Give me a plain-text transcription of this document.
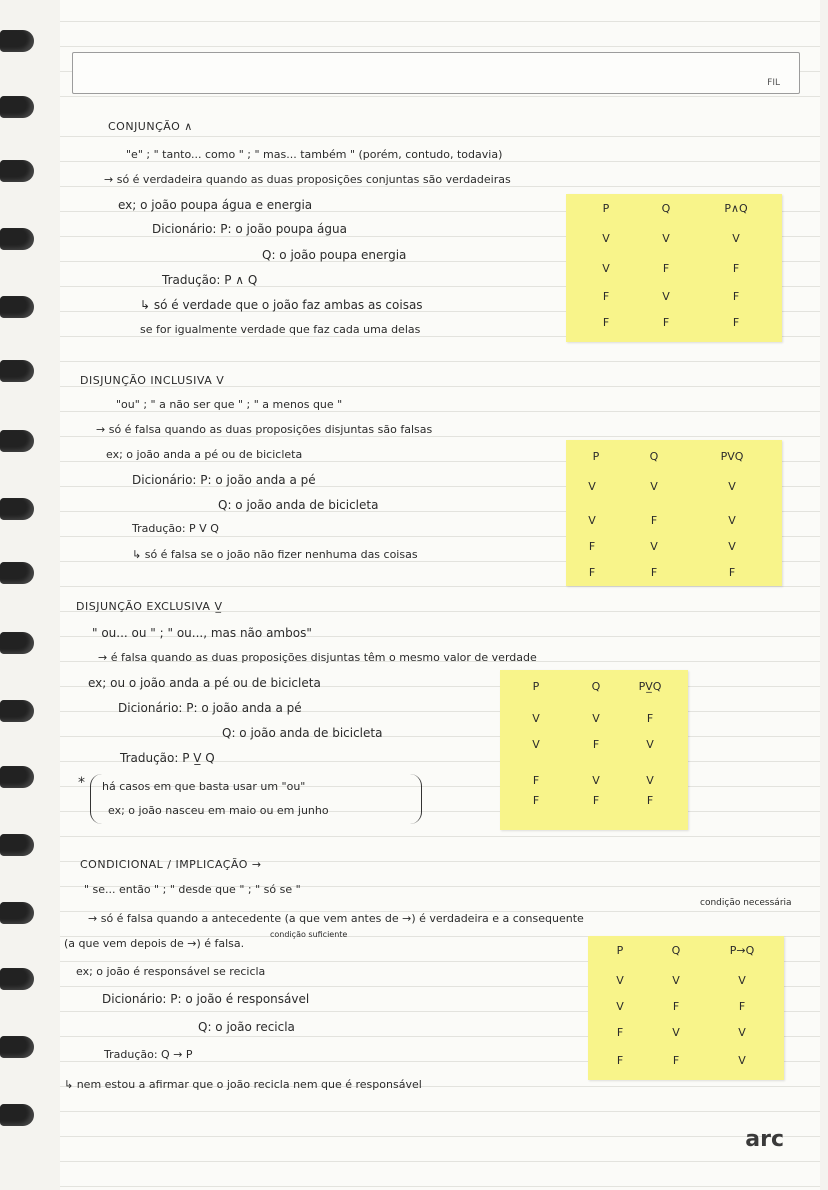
FIL
CONJUNÇÃO ∧
"e" ; " tanto... como " ; " mas... também " (porém, contudo, todavia)
→ só é verdadeira quando as duas proposições conjuntas são verdadeiras
ex; o joão poupa água e energia
Dicionário: P: o joão poupa água
Q: o joão poupa energia
Tradução: P ∧ Q
↳ só é verdade que o joão faz ambas as coisas
se for igualmente verdade que faz cada uma delas
P	Q	P∧Q
V	V	V
V	F	F
F	V	F
F	F	F
DISJUNÇÃO INCLUSIVA V
"ou" ; " a não ser que " ; " a menos que "
→ só é falsa quando as duas proposições disjuntas são falsas
ex; o joão anda a pé ou de bicicleta
Dicionário: P: o joão anda a pé
Q: o joão anda de bicicleta
Tradução: P V Q
↳ só é falsa se o joão não fizer nenhuma das coisas
P	Q	PVQ
V	V	V
V	F	V
F	V	V
F	F	F
DISJUNÇÃO EXCLUSIVA V̲
" ou... ou " ; " ou..., mas não ambos"
→ é falsa quando as duas proposições disjuntas têm o mesmo valor de verdade
ex; ou o joão anda a pé ou de bicicleta
Dicionário: P: o joão anda a pé
Q: o joão anda de bicicleta
Tradução: P V̲ Q
* há casos em que basta usar um "ou"
ex; o joão nasceu em maio ou em junho
P	Q	PV̲Q
V	V	F
V	F	V
F	V	V
F	F	F
CONDICIONAL / IMPLICAÇÃO →
" se... então " ; " desde que " ; " só se "
condição necessária
→ só é falsa quando a antecedente (a que vem antes de →) é verdadeira e a consequente
condição suficiente
(a que vem depois de →) é falsa.
ex; o joão é responsável se recicla
Dicionário: P: o joão é responsável
Q: o joão recicla
Tradução: Q → P
↳ nem estou a afirmar que o joão recicla nem que é responsável
P	Q	P→Q
V	V	V
V	F	F
F	V	V
F	F	V
arc
